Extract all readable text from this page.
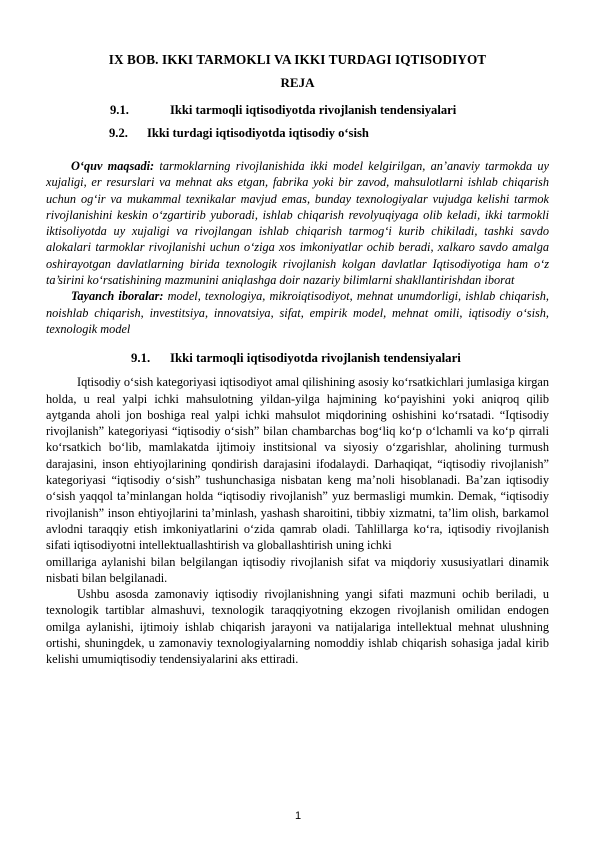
IX BOB. IKKI TARMOKLI VA IKKI TURDAGI IQTISODIYOT
REJA
9.1.	Ikki tarmoqli iqtisodiyotda rivojlanish tendensiyalari
9.2.	Ikki turdagi iqtisodiyotda iqtisodiy o‘sish

O‘quv maqsadi: tarmoklarning rivojlanishida ikki model kelgirilgan, an’anaviy tarmokda uy xujaligi, er resurslari va mehnat aks etgan, fabrika yoki bir zavod, mahsulotlarni ishlab chiqarish uchun og‘ir va mukammal texnikalar mavjud emas, bunday texnologiyalar vujudga kelishi tarmok rivojlanishini keskin o‘zgartirib yuboradi, ishlab chiqarish revolyuqiyaga olib keladi, ikki tarmokli iktisoliyotda uy xujaligi va rivojlangan ishlab chiqarish tarmog‘i kurib chikiladi, tashki savdo alokalari tarmoklar rivojlanishi uchun o‘ziga xos imkoniyatlar ochib beradi, xalkaro savdo amalga oshirayotgan davlatlarning birida texnologik rivojlanish kolgan davlatlar Iqtisodiyotiga ham o‘z ta’sirini ko‘rsatishining mazmunini aniqlashga doir nazariy bilimlarni shakllantirishdan iborat

Tayanch iboralar: model, texnologiya, mikroiqtisodiyot, mehnat unumdorligi, ishlab chiqarish, noishlab chiqarish, investitsiya, innovatsiya, sifat, empirik model, mehnat omili, iqtisodiy o‘sish, texnologik model

9.1. Ikki tarmoqli iqtisodiyotda rivojlanish tendensiyalari

Iqtisodiy o‘sish kategoriyasi iqtisodiyot amal qilishining asosiy ko‘rsatkichlari jumlasiga kirgan holda, u real yalpi ichki mahsulotning yildan-yilga hajmining ko‘payishini yoki aniqroq qilib aytganda aholi jon boshiga real yalpi ichki mahsulot miqdorining oshishini ko‘rsatadi. “Iqtisodiy rivojlanish” kategoriyasi “iqtisodiy o‘sish” bilan chambarchas bog‘liq ko‘p o‘lchamli va ko‘p qirrali ko‘rsatkich bo‘lib, mamlakatda ijtimoiy institsional va siyosiy o‘zgarishlar, aholining turmush darajasini, inson ehtiyojlarining qondirish darajasini ifodalaydi. Darhaqiqat, “iqtisodiy rivojlanish” kategoriyasi “iqtisodiy o‘sish” tushunchasiga nisbatan keng ma’noli hisoblanadi. Ba’zan iqtisodiy o‘sish yaqqol ta’minlangan holda “iqtisodiy rivojlanish” yuz bermasligi mumkin. Demak, “iqtisodiy rivojlanish” inson ehtiyojlarini ta’minlash, yashash sharoitini, tibbiy xizmatni, ta’lim olish, barkamol avlodni taraqqiy etish imkoniyatlarini o‘zida qamrab oladi. Tahlillarga ko‘ra, iqtisodiy rivojlanish sifati iqtisodiyotni intellektuallashtirish va globallashtirish uning ichki

omillariga aylanishi bilan belgilangan iqtisodiy rivojlanish sifat va miqdoriy xususiyatlari dinamik nisbati bilan belgilanadi.

Ushbu asosda zamonaviy iqtisodiy rivojlanishning yangi sifati mazmuni ochib beriladi, u texnologik tartiblar almashuvi, texnologik taraqqiyotning ekzogen rivojlanish omilidan endogen omilga aylanishi, ijtimoiy ishlab chiqarish jarayoni va natijalariga intellektual mehnat ulushning ortishi, shuningdek, u zamonaviy texnologiyalarning nomoddiy ishlab chiqarish sohasiga jadal kirib kelishi umumiqtisodiy tendensiyalarini aks ettiradi.

1
